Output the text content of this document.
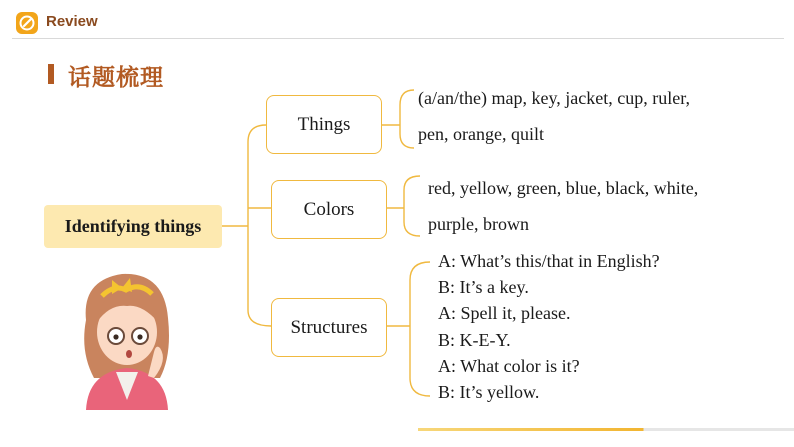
Review
话题梳理
Identifying things
Things
Colors
Structures
(a/an/the) map, key, jacket, cup, ruler,
pen, orange, quilt
red, yellow, green, blue, black, white,
purple, brown
A: What’s this/that in English?
B: It’s a key.
A: Spell it, please.
B: K-E-Y.
A: What color is it?
B: It’s yellow.
